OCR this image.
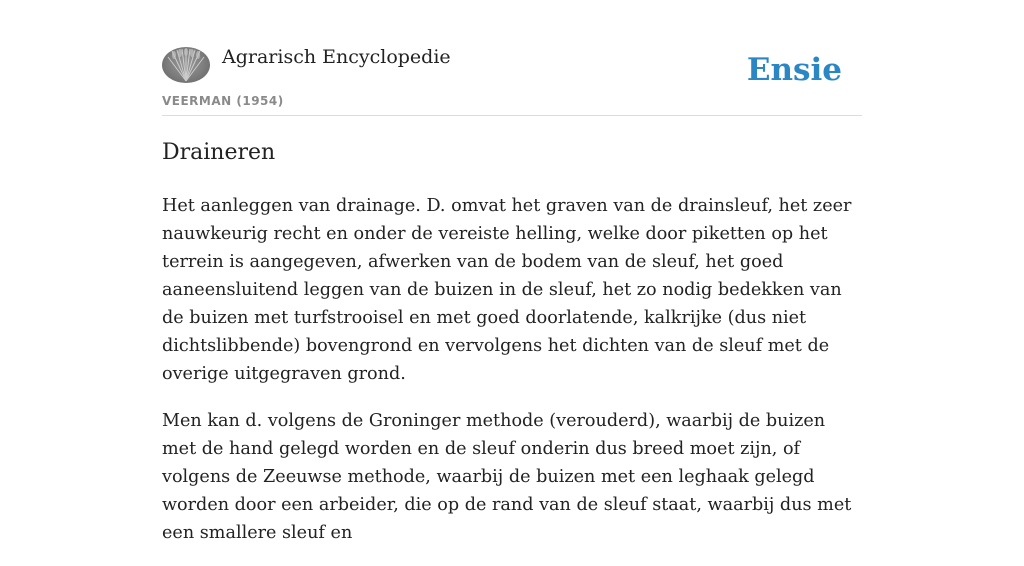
Agrarisch Encyclopedie
VEERMAN (1954)
Ensie
Draineren

Het aanleggen van drainage. D. omvat het graven van de drainsleuf, het zeer nauwkeurig recht en onder de vereiste helling, welke door piketten op het terrein is aangegeven, afwerken van de bodem van de sleuf, het goed aaneensluitend leggen van de buizen in de sleuf, het zo nodig bedekken van de buizen met turfstrooisel en met goed doorlatende, kalkrijke (dus niet dichtslibbende) bovengrond en vervolgens het dichten van de sleuf met de overige uitgegraven grond.

Men kan d. volgens de Groninger methode (verouderd), waarbij de buizen met de hand gelegd worden en de sleuf onderin dus breed moet zijn, of volgens de Zeeuwse methode, waarbij de buizen met een leghaak gelegd worden door een arbeider, die op de rand van de sleuf staat, waarbij dus met een smallere sleuf en
